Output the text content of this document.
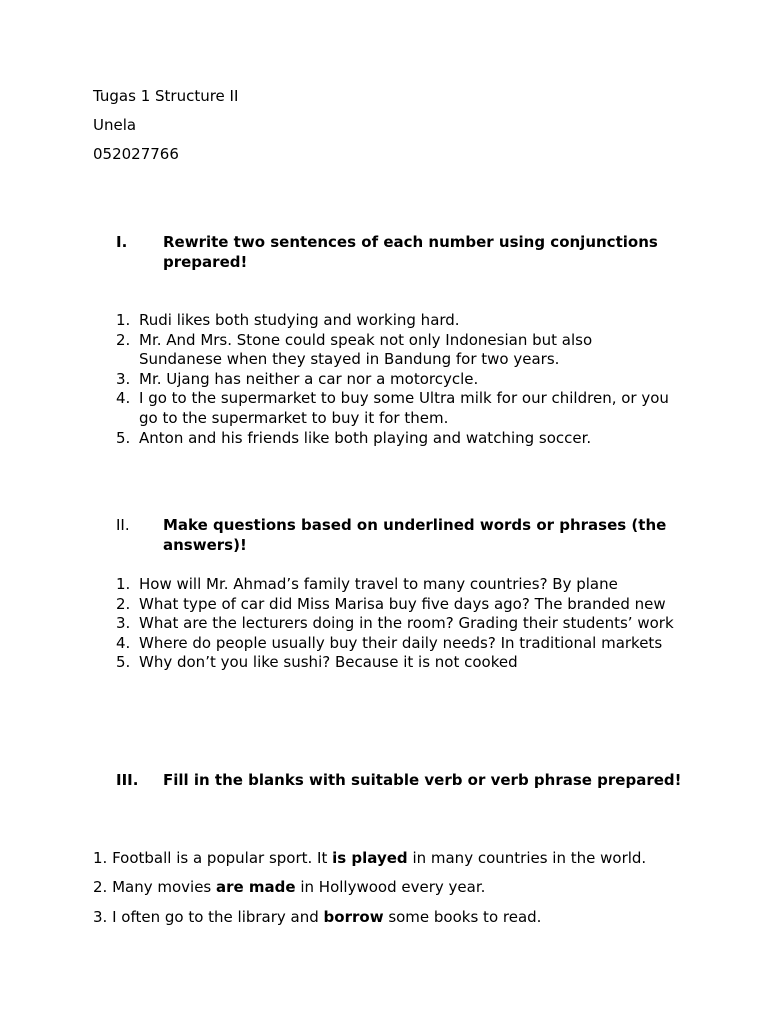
Tugas 1 Structure II

Unela

052027766

I. Rewrite two sentences of each number using conjunctions prepared!

1. Rudi likes both studying and working hard.
2. Mr. And Mrs. Stone could speak not only Indonesian but also Sundanese when they stayed in Bandung for two years.
3. Mr. Ujang has neither a car nor a motorcycle.
4. I go to the supermarket to buy some Ultra milk for our children, or you go to the supermarket to buy it for them.
5. Anton and his friends like both playing and watching soccer.

II. Make questions based on underlined words or phrases (the answers)!

1. How will Mr. Ahmad’s family travel to many countries? By plane
2. What type of car did Miss Marisa buy five days ago? The branded new
3. What are the lecturers doing in the room? Grading their students’ work
4. Where do people usually buy their daily needs? In traditional markets
5. Why don’t you like sushi? Because it is not cooked

III. Fill in the blanks with suitable verb or verb phrase prepared!

1. Football is a popular sport. It is played in many countries in the world.

2. Many movies are made in Hollywood every year.

3. I often go to the library and borrow some books to read.
